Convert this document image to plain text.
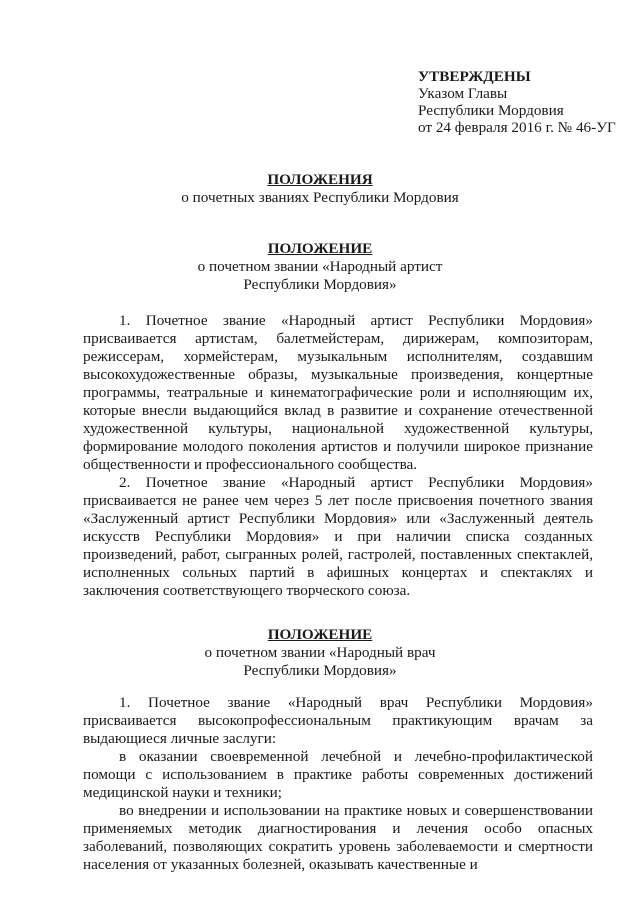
УТВЕРЖДЕНЫ
Указом Главы
Республики Мордовия
от 24 февраля 2016 г. № 46-УГ
ПОЛОЖЕНИЯ
о почетных званиях Республики Мордовия
ПОЛОЖЕНИЕ
о почетном звании «Народный артист
Республики Мордовия»

1. Почетное звание «Народный артист Республики Мордовия» присваивается артистам, балетмейстерам, дирижерам, композиторам, режиссерам, хормейстерам, музыкальным исполнителям, создавшим высокохудожественные образы, музыкальные произведения, концертные программы, театральные и кинематографические роли и исполняющим их, которые внесли выдающийся вклад в развитие и сохранение отечественной художественной культуры, национальной художественной культуры, формирование молодого поколения артистов и получили широкое признание общественности и профессионального сообщества.

2. Почетное звание «Народный артист Республики Мордовия» присваивается не ранее чем через 5 лет после присвоения почетного звания «Заслуженный артист Республики Мордовия» или «Заслуженный деятель искусств Республики Мордовия» и при наличии списка созданных произведений, работ, сыгранных ролей, гастролей, поставленных спектаклей, исполненных сольных партий в афишных концертах и спектаклях и заключения соответствующего творческого союза.

ПОЛОЖЕНИЕ
о почетном звании «Народный врач
Республики Мордовия»

1. Почетное звание «Народный врач Республики Мордовия» присваивается высокопрофессиональным практикующим врачам за выдающиеся личные заслуги:

в оказании своевременной лечебной и лечебно-профилактической помощи с использованием в практике работы современных достижений медицинской науки и техники;

во внедрении и использовании на практике новых и совершенствовании применяемых методик диагностирования и лечения особо опасных заболеваний, позволяющих сократить уровень заболеваемости и смертности населения от указанных болезней, оказывать качественные и
